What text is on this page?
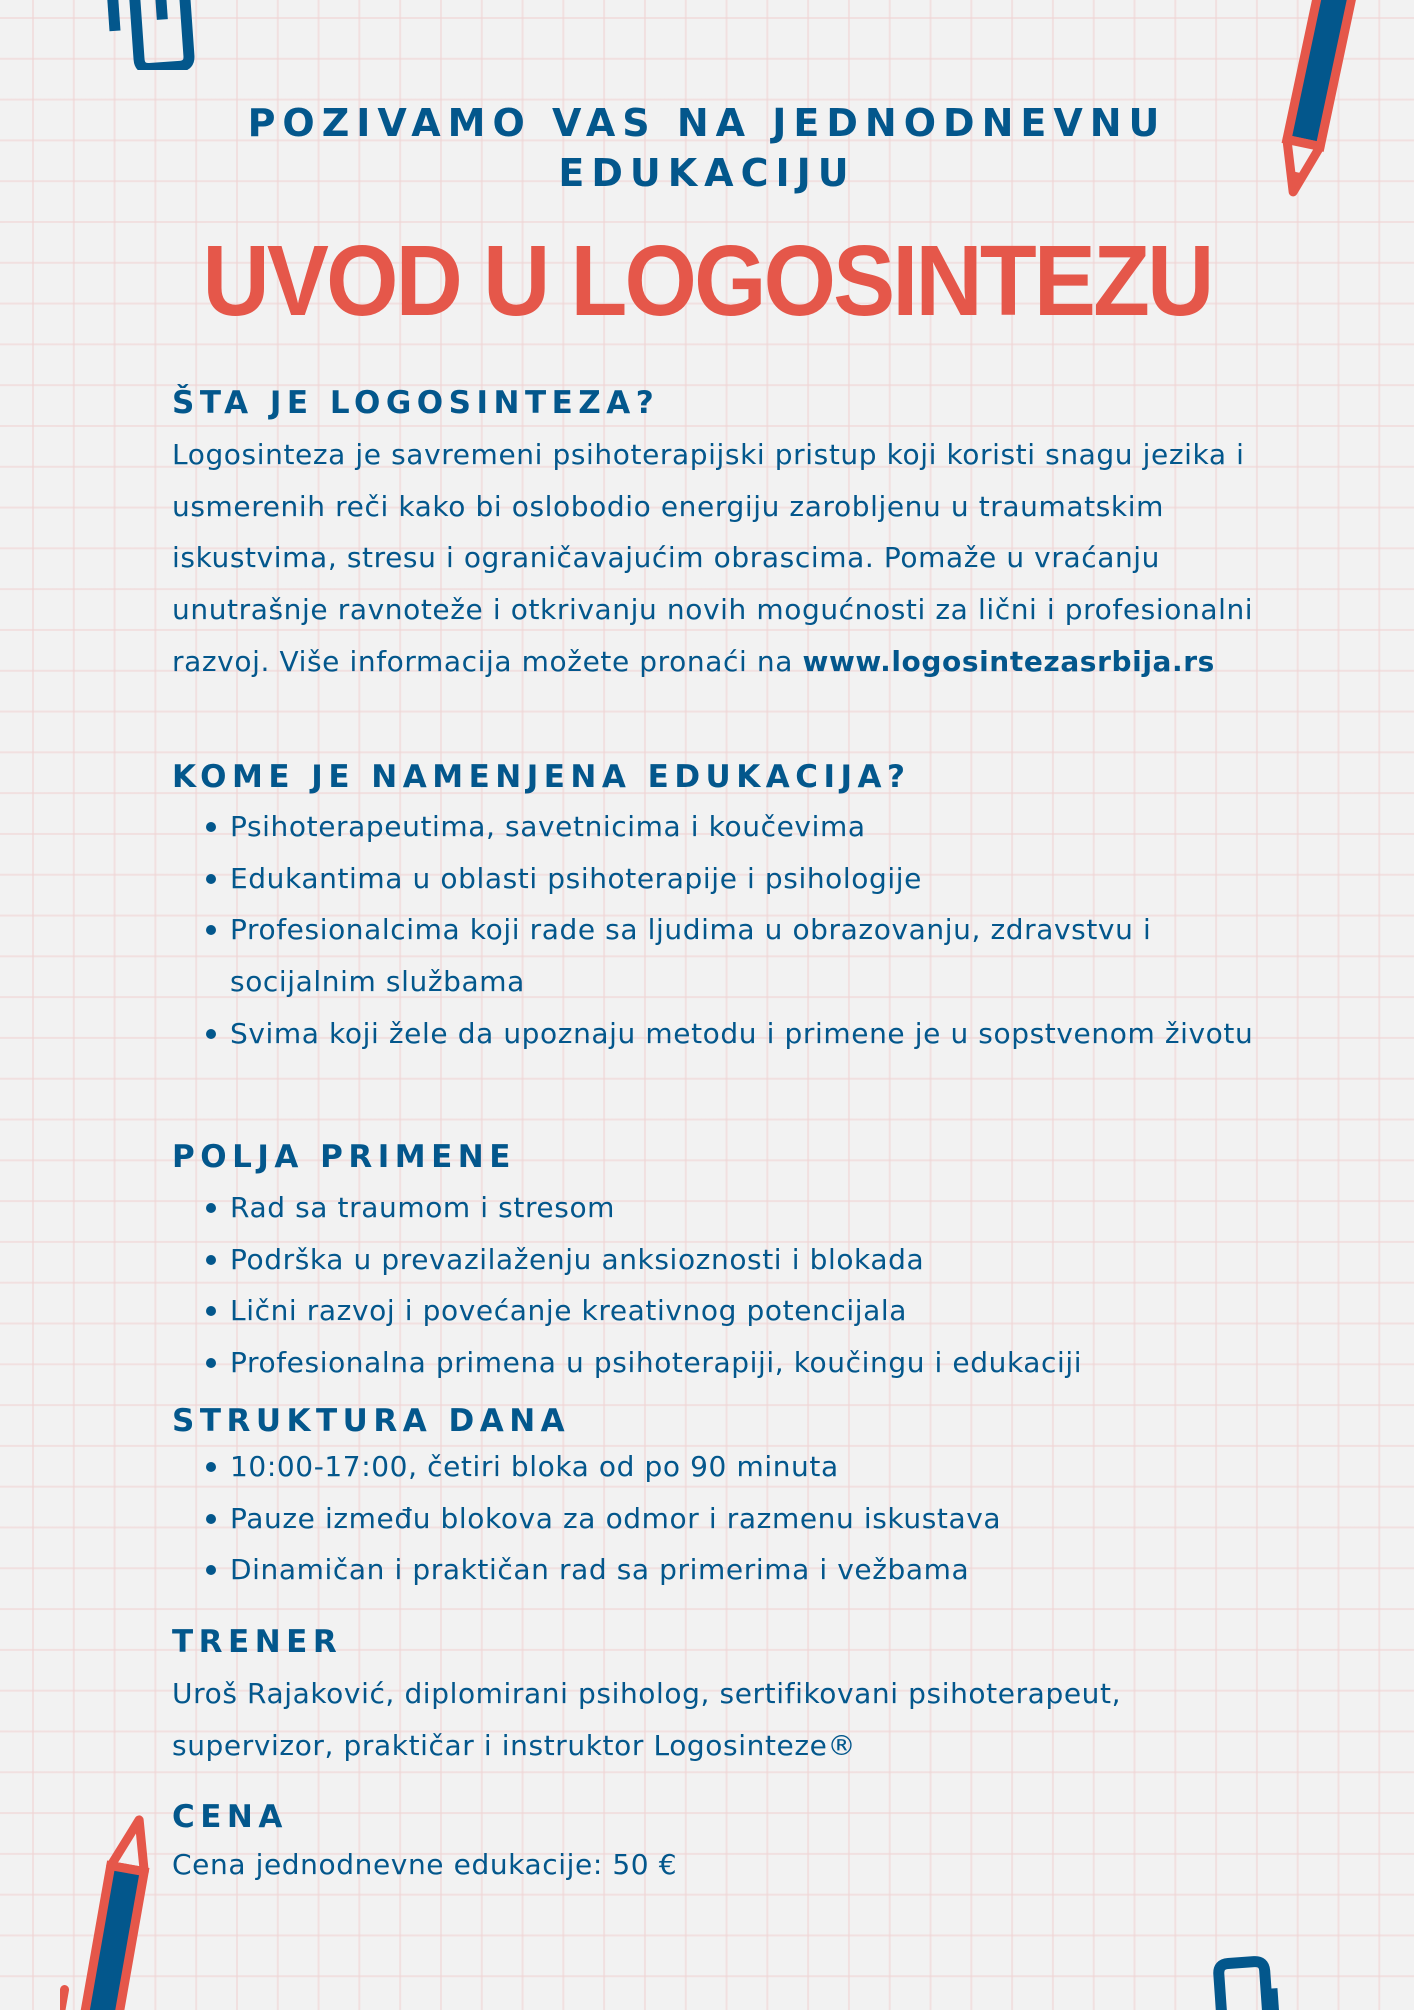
POZIVAMO VAS NA JEDNODNEVNU EDUKACIJU
UVOD U LOGOSINTEZU
ŠTA JE LOGOSINTEZA?

Logosinteza je savremeni psihoterapijski pristup koji koristi snagu jezika i usmerenih reči kako bi oslobodio energiju zarobljenu u traumatskim iskustvima, stresu i ograničavajućim obrascima. Pomaže u vraćanju unutrašnje ravnoteže i otkrivanju novih mogućnosti za lični i profesionalni razvoj. Više informacija možete pronaći na www.logosintezasrbija.rs

KOME JE NAMENJENA EDUKACIJA?
Psihoterapeutima, savetnicima i koučevima
Edukantima u oblasti psihoterapije i psihologije
Profesionalcima koji rade sa ljudima u obrazovanju, zdravstvu i socijalnim službama
Svima koji žele da upoznaju metodu i primene je u sopstvenom životu
POLJA PRIMENE
Rad sa traumom i stresom
Podrška u prevazilaženju anksioznosti i blokada
Lični razvoj i povećanje kreativnog potencijala
Profesionalna primena u psihoterapiji, koučingu i edukaciji
STRUKTURA DANA
10:00-17:00, četiri bloka od po 90 minuta
Pauze između blokova za odmor i razmenu iskustava
Dinamičan i praktičan rad sa primerima i vežbama
TRENER

Uroš Rajaković, diplomirani psiholog, sertifikovani psihoterapeut, supervizor, praktičar i instruktor Logosinteze®

CENA

Cena jednodnevne edukacije: 50 €
